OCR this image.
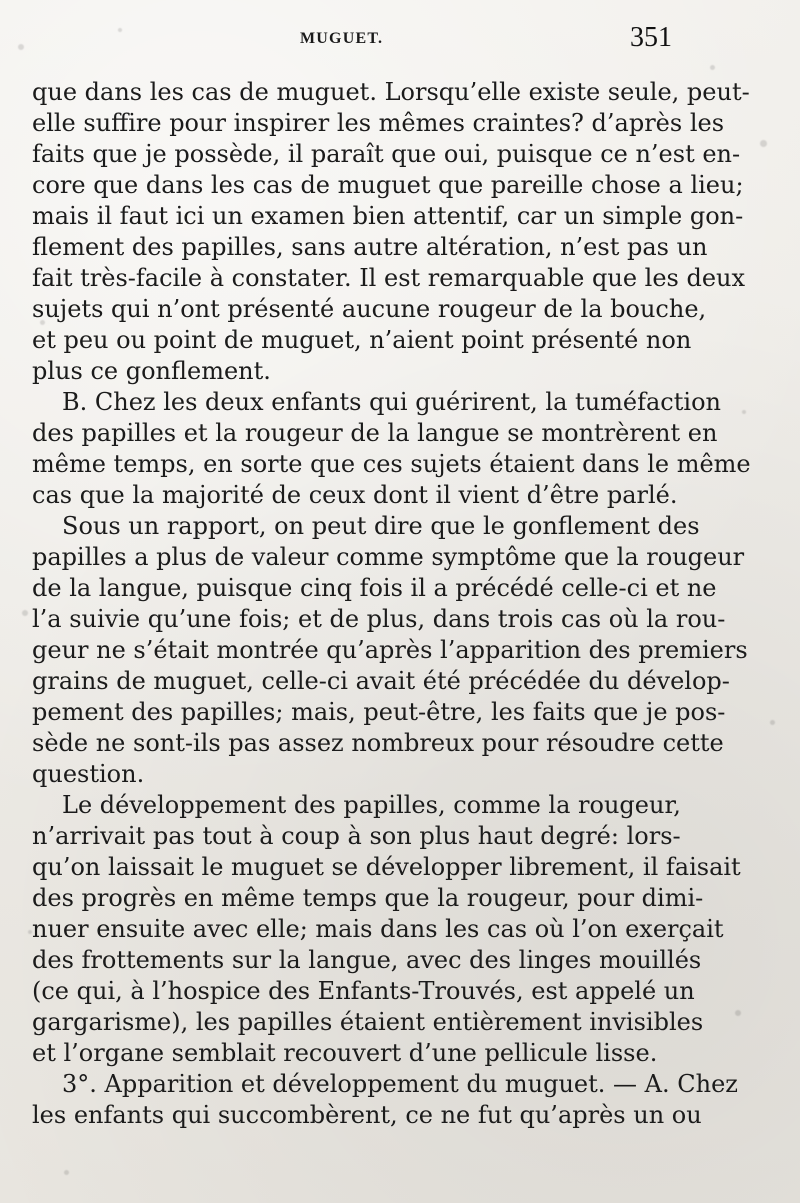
MUGUET.	351
que dans les cas de muguet. Lorsqu’elle existe seule, peut-
elle suffire pour inspirer les mêmes craintes? d’après les
faits que je possède, il paraît que oui, puisque ce n’est en-
core que dans les cas de muguet que pareille chose a lieu;
mais il faut ici un examen bien attentif, car un simple gon-
flement des papilles, sans autre altération, n’est pas un
fait très-facile à constater. Il est remarquable que les deux
sujets qui n’ont présenté aucune rougeur de la bouche,
et peu ou point de muguet, n’aient point présenté non
plus ce gonflement.
B. Chez les deux enfants qui guérirent, la tuméfaction
des papilles et la rougeur de la langue se montrèrent en
même temps, en sorte que ces sujets étaient dans le même
cas que la majorité de ceux dont il vient d’être parlé.
Sous un rapport, on peut dire que le gonflement des
papilles a plus de valeur comme symptôme que la rougeur
de la langue, puisque cinq fois il a précédé celle-ci et ne
l’a suivie qu’une fois; et de plus, dans trois cas où la rou-
geur ne s’était montrée qu’après l’apparition des premiers
grains de muguet, celle-ci avait été précédée du dévelop-
pement des papilles; mais, peut-être, les faits que je pos-
sède ne sont-ils pas assez nombreux pour résoudre cette
question.
Le développement des papilles, comme la rougeur,
n’arrivait pas tout à coup à son plus haut degré: lors-
qu’on laissait le muguet se développer librement, il faisait
des progrès en même temps que la rougeur, pour dimi-
nuer ensuite avec elle; mais dans les cas où l’on exerçait
des frottements sur la langue, avec des linges mouillés
(ce qui, à l’hospice des Enfants-Trouvés, est appelé un
gargarisme), les papilles étaient entièrement invisibles
et l’organe semblait recouvert d’une pellicule lisse.
3°. Apparition et développement du muguet. — A. Chez
les enfants qui succombèrent, ce ne fut qu’après un ou
